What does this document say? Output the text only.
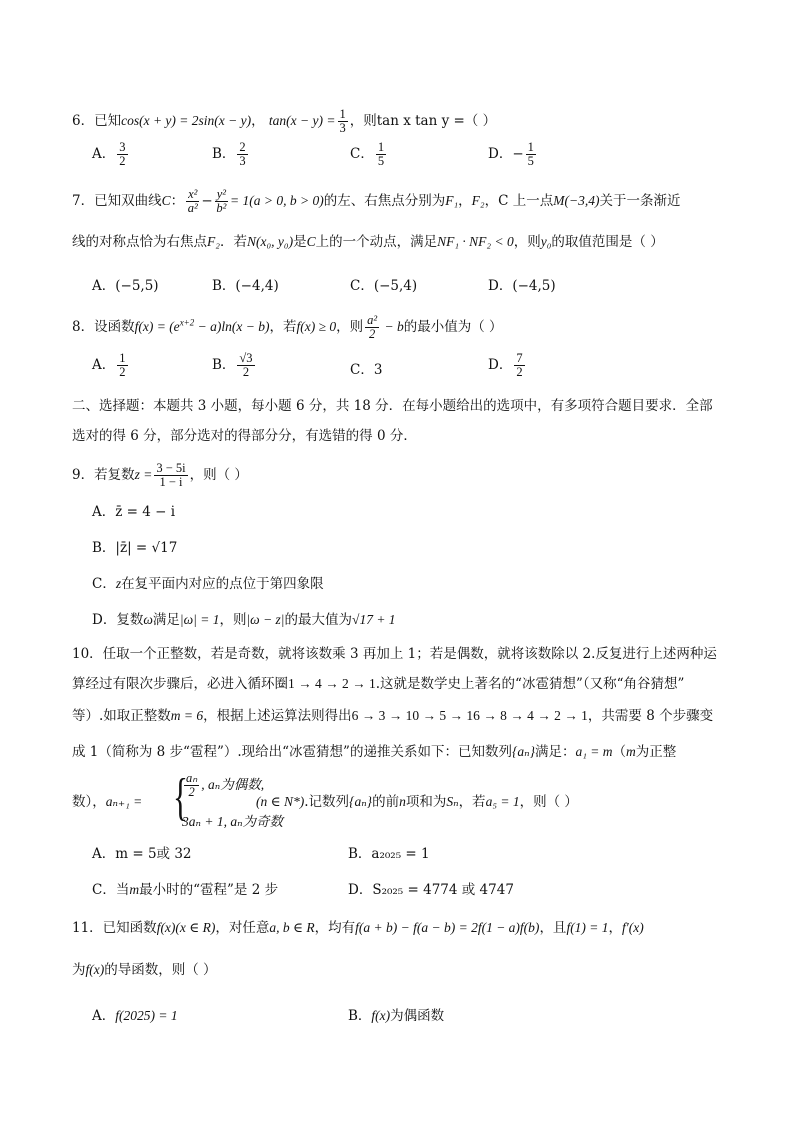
6．已知cos(x + y) = 2sin(x − y)， $\tan(x - y) = \frac{1}{3}$ ，则tan x tan y =（ ）
A． $\frac{3}{2}$	B． $\frac{2}{3}$	C． $\frac{1}{5}$	D．− $\frac{1}{5}$
7．已知双曲线C： $\frac{\text{x²}}{\text{a²}} - \frac{\text{y²}}{\text{b²}} = 1(a > 0$, b > 0)的左、右焦点分别为F₁，F₂，C 上一点M(−3,4)关于一条渐近
线的对称点恰为右焦点F₂．若N(x₀, y₀)是C上的一个动点，满足NF₁ · NF₂ < 0，则y₀的取值范围是（ ）
A．(−5,5)	B．(−4,4)	C．(−5,4)	D．(−4,5)
8．设函数$f(x) = (e^{x+2} - a)\ln(x - b)$，若f(x) ≥ 0，则 $\frac{\text{a²}}{2} - b$的最小值为（ ）
A． $\frac{1}{2}$	B． $\frac{√3}{2}$	C．3	D． $\frac{7}{2}$
二、选择题：本题共 3 小题，每小题 6 分，共 18 分．在每小题给出的选项中，有多项符合题目要求．全部
选对的得 6 分，部分选对的得部分分，有选错的得 0 分．
9．若复数$z = \frac{3 - 5i}{1 - i}$ ，则（ ）
A．z̄ = 4 − i
B．|z̄| = √17
C．z在复平面内对应的点位于第四象限
D．复数ω满足|ω| = 1，则|ω − z|的最大值为√17 + 1
10．任取一个正整数，若是奇数，就将该数乘 3 再加上 1；若是偶数，就将该数除以 2.反复进行上述两种运
算经过有限次步骤后，必进入循环圈1 → 4 → 2 → 1.这就是数学史上著名的“冰雹猜想”（又称“角谷猜想”
等）.如取正整数m = 6，根据上述运算法则得出6 → 3 → 10 → 5 → 16 → 8 → 4 → 2 → 1，共需要 8 个步骤变
成 1（简称为 8 步“雹程”）.现给出“冰雹猜想”的递推关系如下：已知数列{aₙ}满足：a₁ = m（m为正整
数），aₙ₊₁ = {
$\frac{\text{aₙ}}{2}$ , aₙ为偶数,
3aₙ + 1, aₙ为奇数
(n ∈ N*).记数列{aₙ}的前n项和为Sₙ，若a₅ = 1，则（ ）
A．m = 5或 32	B．a₂₀₂₅ = 1
C．当m最小时的“雹程”是 2 步	D．S₂₀₂₅ = 4774 或 4747
11．已知函数f(x)(x ∈ R)，对任意a, b ∈ R，均有f(a + b) − f(a − b) = 2f(1 − a)f(b)，且f(1) = 1，f′(x)
为f(x)的导函数，则（ ）
A．f(2025) = 1	B．f(x)为偶函数
